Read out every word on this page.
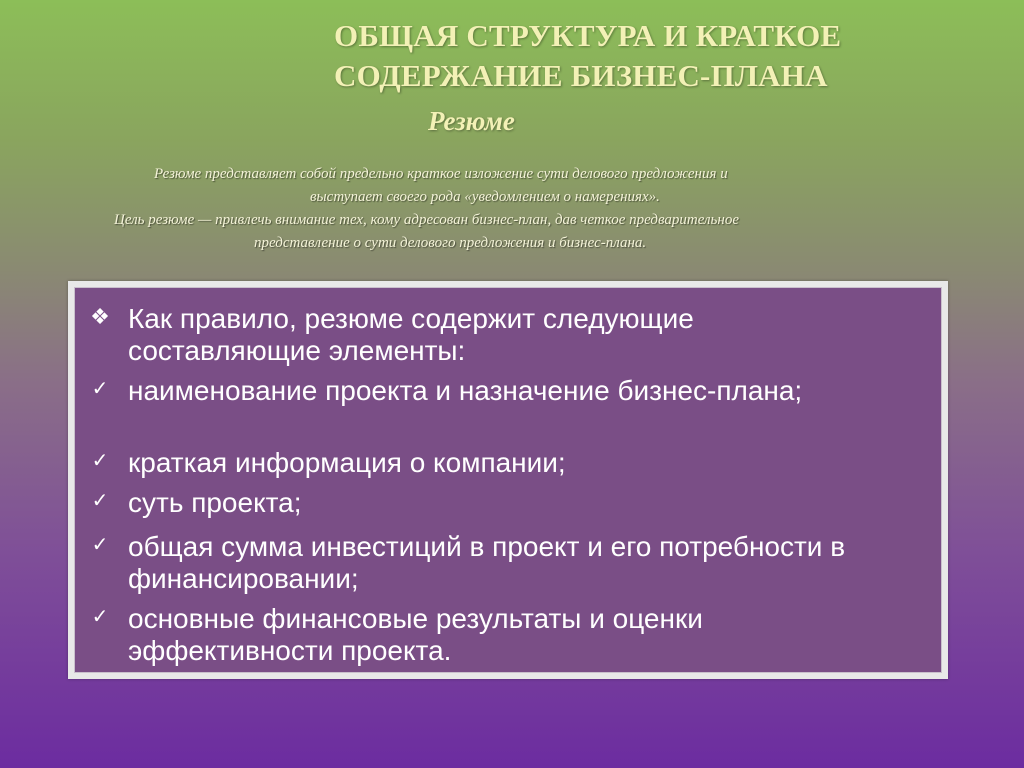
ОБЩАЯ СТРУКТУРА И КРАТКОЕ
СОДЕРЖАНИЕ БИЗНЕС-ПЛАНА
Резюме

Резюме представляет собой предельно краткое изложение сути делового предложения и

выступает своего рода «уведомлением о намерениях».

Цель резюме — привлечь внимание тех, кому адресован бизнес-план, дав четкое предварительное

представление о сути делового предложения и бизнес-плана.

❖ Как правило, резюме содержит следующие
составляющие элементы:
✓ наименование проекта и назначение бизнес-плана;
✓ краткая информация о компании;
✓ суть проекта;
✓ общая сумма инвестиций в проект и его потребности в
финансировании;
✓ основные финансовые результаты и оценки
эффективности проекта.
